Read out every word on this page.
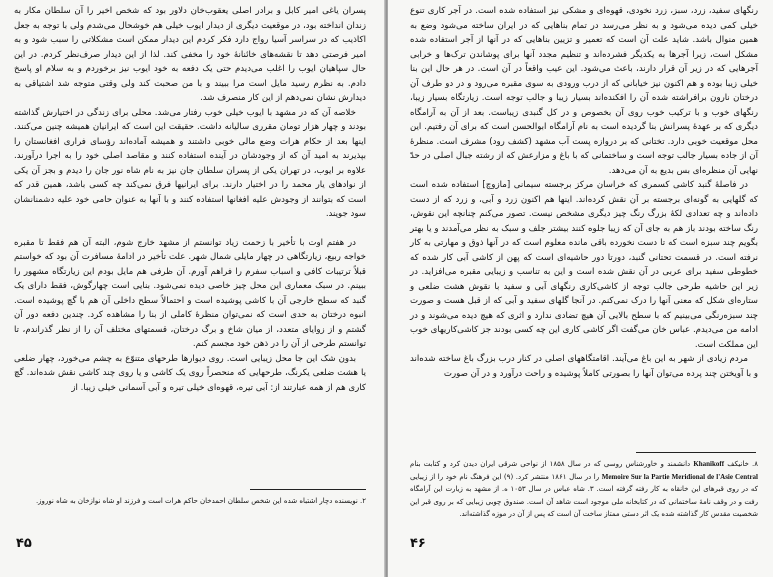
پسران یاغی امیر کابل و برادر اصلی یعقوب‌خان دلاور بود که شخص اخیر را آن سلطان مکار به زندان انداخته بود، در موقعیت دیگری از دیدار ایوب خیلی هم خوشحال می‌شدم ولی با توجه به جعل اکاذیب که در سراسر آسیا رواج دارد فکر کردم این دیدار ممکن است مشکلاتی را سبب شود و به امیر فرصتی دهد تا نقشه‌های خائنانهٔ خود را مخفی کند. لذا از این دیدار صرف‌نظر کردم. در این حال سپاهیان ایوب را اغلب می‌دیدم حتی یک دفعه به خود ایوب نیز برخوردم و به سلام او پاسخ دادم. به نظرم رسید مایل است مرا ببیند و با من صحبت کند ولی وقتی متوجه شد اشتیاقی به دیدارش نشان نمی‌دهم از این کار منصرف شد.

خلاصه آن که در مشهد با ایوب خیلی خوب رفتار می‌شد. محلی برای زندگی در اختیارش گذاشته بودند و چهار هزار تومان مقرری سالیانه داشت. حقیقت این است که ایرانیان همیشه چنین می‌کنند. اینها بعد از حکام هرات وضع مالی خوبی داشتند و همیشه آماده‌اند رؤسای فراری افغانستان را بپذیرند به امید آن که از وجودشان در آینده استفاده کنند و مقاصد اصلی خود را به اجرا درآورند. علاوه بر ایوب، در تهران یکی از پسران سلطان جان نیز به نام شاه نور جان را دیدم و بجز آن یکی از نوادهای یار محمد را در اختیار دارند. برای ایرانیها فرق نمی‌کند چه کسی باشد، همین قدر که است که بتوانند از وجودش علیه افغانها استفاده کنند و با آنها به عنوان حامی خود علیه دشمنانشان سود جویند.

در هفتم اوت با تأخیر با زحمت زیاد توانستم از مشهد خارج شوم، البته آن هم فقط تا مقبره خواجه ربیع، زیارتگاهی در چهار مایلی شمال شهر. علت تأخیر در ادامهٔ مسافرت آن بود که خواستم قبلاً ترتیبات کافی و اسباب سفرم را فراهم آورم. آن ظرفی هم مایل بودم این زیارتگاه مشهور را ببینم. در سبک معماری این محل چیز خاصی دیده نمی‌شود. بنایی است چهارگوش، فقط دارای یک گنبد که سطح خارجی آن با کاشی پوشیده است و احتمالاً سطح داخلی آن هم با گچ پوشیده است. انبوه درختان به حدی است که نمی‌توان منظرهٔ کاملی از بنا را مشاهده کرد. چندین دفعه دور آن گشتم و از زوایای متعدد، از میان شاخ و برگ درختان، قسمتهای مختلف آن را از نظر گذراندم، تا توانستم طرحی از آن را در ذهن خود مجسم کنم.

بدون شک این جا محل زیبایی است. روی دیوارها طرحهای متنوّع به چشم می‌خورد، چهار ضلعی یا هشت ضلعی یکرنگ، طرحهایی که منحصراً روی یک کاشی و یا روی چند کاشی نقش شده‌اند. گچ کاری هم از همه عبارتند از: آبی تیره، قهوه‌ای خیلی تیره و آبی آسمانی خیلی زیبا. از

۲. نویسنده دچار اشتباه شده‌ این شخص سلطان احمدخان حاکم هرات است و فرزند او شاه نوازخان به شاه نوروز.
۴۵

رنگهای سفید، زرد، سبز، زرد نخودی، قهوه‌ای و مشکی نیز استفاده شده است. در آجر کاری تنوع خیلی کمی دیده می‌شود و به نظر می‌رسد در تمام بناهایی که در ایران ساخته می‌شود وضع به همین منوال باشد. شاید علت آن است که تعمیر و تزیین بناهایی که در آنها از آجر استفاده شده مشکل است، زیرا آجرها به یکدیگر فشرده‌اند و تنظیم مجدد آنها برای پوشاندن ترک‌ها و خرابی آجرهایی که در زیر آن قرار دارند، باعث می‌شود. این عیب واقعاً در آن است. در هر حال این بنا خیلی زیبا بوده و هم اکنون نیز خیابانی که از درب ورودی به سوی مقبره می‌رود و در دو طرف آن درختان نارون برافراشته شده آن را افکنده‌اند بسیار زیبا و جالب توجه است. زیارتگاه بسیار زیبا، رنگهای خوب و با ترکیب خوب روی آن بخصوص و در کل گنبدی زیباست. بعد از آن به آرامگاه دیگری که بر عهدهٔ پسرانش بنا گردیده است به نام آرامگاه ابوالحسن است که برای آن رفتیم. این محل موقعیت خوبی دارد. تختانی که بر دروازه پست آب مشهد (کشف رود) مشرف است. منظرهٔ آن از جاده بسیار جالب توجه است و ساختمانی که با باغ و مزارعش که از رشته جبال اصلی در حدّ نهایی آن منظره‌ای بس بدیع به آن می‌دهد.

در فاصلهٔ گنبد کاشی کسمری که خراسان مرکز برجسته سیمانی [مازوچ] استفاده شده است که گلهایی به گونه‌ای برجسته بر آن نقش کرده‌اند. اینها هم اکنون زرد و آبی، و زرد که از دست داده‌اند و چه تعدادی لکهٔ بزرگ رنگ چیز دیگری مشخص نیست. تصور می‌کنم چنانچه این نقوش، رنگ ساخته بودند باز هم به جای آن که زیبا جلوه کنند بیشتر جلف و سبک به نظر می‌آمدند و یا بهتر بگویم چند سبزه است که تا دست نخورده باقی مانده معلوم است که در آنها ذوق و مهارتی به کار نرفته است. در قسمت تحتانی گنبد، دورتا دور حاشیه‌ای است که پهن از کاشی آبی کار شده که خطوطی سفید برای عربی در آن نقش شده است و این به تناسب و زیبایی مقبره می‌افزاید. در زیر این حاشیه طرحی جالب توجه از کاشی‌کاری رنگهای آبی و سفید با نقوش هشت ضلعی و ستاره‌ای شکل که معنی آنها را درک نمی‌کنم. در آنجا گلهای سفید و آبی که از قبل هست و صورت چند سبزه‌رنگی می‌بینیم که با سطح بالایی آن هیچ تضادی ندارد و اثری که هیچ دیده می‌شوند و در ادامه من می‌دیدم. عباس خان می‌گفت اگر کاشی کاری این چه کسی بودند جز کاشی‌کاریهای خوب این مملکت است.

مردم زیادی از شهر به این باغ می‌آیند. اقامتگاههای اصلی در کنار درب بزرگ باغ ساخته شده‌اند و با آویختن چند پرده می‌توان آنها را بصورتی کاملاً پوشیده و راحت درآورد و در آن صورت

۸. خانیکف Khanikoff دانشمند و خاورشناس روسی که در سال ۱۸۵۸ از نواحی شرقی ایران دیدن کرد و کتابت بنام Memoire Sur la Partie Meridional de l'Asie Central را در سال ۱۸۶۱ منتشر کرد. (۹) این فرهنگ نام خود را از زیبایی که در روی قبرهای این خانقاه به کار رفته گرفته است. ۳. شاه عباس در سال ۱۰۵۳ ه. از مشهد به زیارت این آرامگاه رفت و در وقف نامهٔ ساختمانی که در کتابخانه ملی موجود است شاهد آن است. صندوق چوبی زیبایی که بر روی قبر این شخصیت مقدس کار گذاشته شده یک اثر دستی ممتاز ساخت آن است که پس از آن در موزه گذاشته‌اند.
۴۶
